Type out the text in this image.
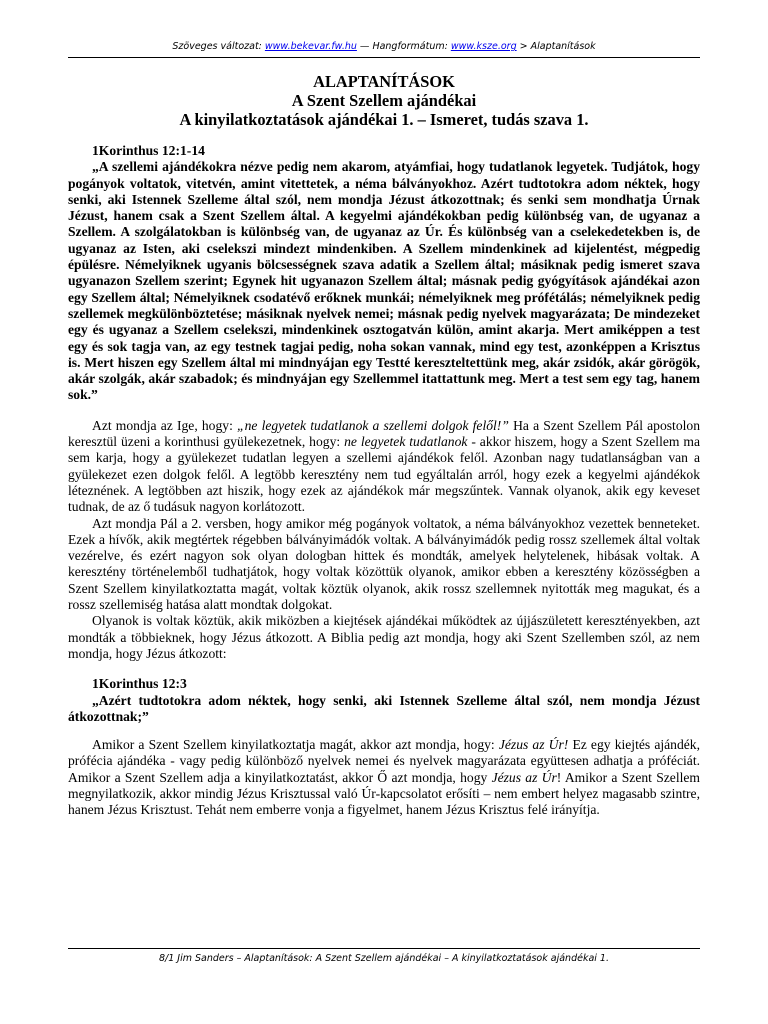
Szöveges változat: www.bekevar.fw.hu — Hangformátum: www.ksze.org > Alaptanítások

ALAPTANÍTÁSOK

A Szent Szellem ajándékai

A kinyilatkoztatások ajándékai 1. – Ismeret, tudás szava 1.

1Korinthus 12:1-14

„A szellemi ajándékokra nézve pedig nem akarom, atyámfiai, hogy tudatlanok legyetek. Tudjátok, hogy pogányok voltatok, vitetvén, amint vitettetek, a néma bálványokhoz. Azért tudtotokra adom néktek, hogy senki, aki Istennek Szelleme által szól, nem mondja Jézust átkozottnak; és senki sem mondhatja Úrnak Jézust, hanem csak a Szent Szellem által. A kegyelmi ajándékokban pedig különbség van, de ugyanaz a Szellem. A szolgálatokban is különbség van, de ugyanaz az Úr. És különbség van a cselekedetekben is, de ugyanaz az Isten, aki cselekszi mindezt mindenkiben. A Szellem mindenkinek ad kijelentést, mégpedig épülésre. Némelyiknek ugyanis bölcsességnek szava adatik a Szellem által; másiknak pedig ismeret szava ugyanazon Szellem szerint; Egynek hit ugyanazon Szellem által; másnak pedig gyógyítások ajándékai azon egy Szellem által; Némelyiknek csodatévő erőknek munkái; némelyiknek meg prófétálás; némelyiknek pedig szellemek megkülönböztetése; másiknak nyelvek nemei; másnak pedig nyelvek magyarázata; De mindezeket egy és ugyanaz a Szellem cselekszi, mindenkinek osztogatván külön, amint akarja. Mert amiképpen a test egy és sok tagja van, az egy testnek tagjai pedig, noha sokan vannak, mind egy test, azonképpen a Krisztus is. Mert hiszen egy Szellem által mi mindnyájan egy Testté kereszteltettünk meg, akár zsidók, akár görögök, akár szolgák, akár szabadok; és mindnyájan egy Szellemmel itattattunk meg. Mert a test sem egy tag, hanem sok.”

Azt mondja az Ige, hogy: „ne legyetek tudatlanok a szellemi dolgok felől!” Ha a Szent Szellem Pál apostolon keresztül üzeni a korinthusi gyülekezetnek, hogy: ne legyetek tudatlanok - akkor hiszem, hogy a Szent Szellem ma sem karja, hogy a gyülekezet tudatlan legyen a szellemi ajándékok felől. Azonban nagy tudatlanságban van a gyülekezet ezen dolgok felől. A legtöbb keresztény nem tud egyáltalán arról, hogy ezek a kegyelmi ajándékok léteznének. A legtöbben azt hiszik, hogy ezek az ajándékok már megszűntek. Vannak olyanok, akik egy keveset tudnak, de az ő tudásuk nagyon korlátozott.

Azt mondja Pál a 2. versben, hogy amikor még pogányok voltatok, a néma bálványokhoz vezettek benneteket. Ezek a hívők, akik megtértek régebben bálványimádók voltak. A bálványimádók pedig rossz szellemek által voltak vezérelve, és ezért nagyon sok olyan dologban hittek és mondták, amelyek helytelenek, hibásak voltak. A keresztény történelemből tudhatjátok, hogy voltak közöttük olyanok, amikor ebben a keresztény közösségben a Szent Szellem kinyilatkoztatta magát, voltak köztük olyanok, akik rossz szellemnek nyitották meg magukat, és a rossz szellemiség hatása alatt mondtak dolgokat.

Olyanok is voltak köztük, akik miközben a kiejtések ajándékai működtek az újjászületett keresztényekben, azt mondták a többieknek, hogy Jézus átkozott. A Biblia pedig azt mondja, hogy aki Szent Szellemben szól, az nem mondja, hogy Jézus átkozott:

1Korinthus 12:3

„Azért tudtotokra adom néktek, hogy senki, aki Istennek Szelleme által szól, nem mondja Jézust átkozottnak;”

Amikor a Szent Szellem kinyilatkoztatja magát, akkor azt mondja, hogy: Jézus az Úr! Ez egy kiejtés ajándék, prófécia ajándéka - vagy pedig különböző nyelvek nemei és nyelvek magyarázata együttesen adhatja a próféciát. Amikor a Szent Szellem adja a kinyilatkoztatást, akkor Ő azt mondja, hogy Jézus az Úr! Amikor a Szent Szellem megnyilatkozik, akkor mindig Jézus Krisztussal való Úr-kapcsolatot erősíti – nem embert helyez magasabb szintre, hanem Jézus Krisztust. Tehát nem emberre vonja a figyelmet, hanem Jézus Krisztus felé irányítja.

8/1 Jim Sanders – Alaptanítások: A Szent Szellem ajándékai – A kinyilatkoztatások ajándékai 1.
